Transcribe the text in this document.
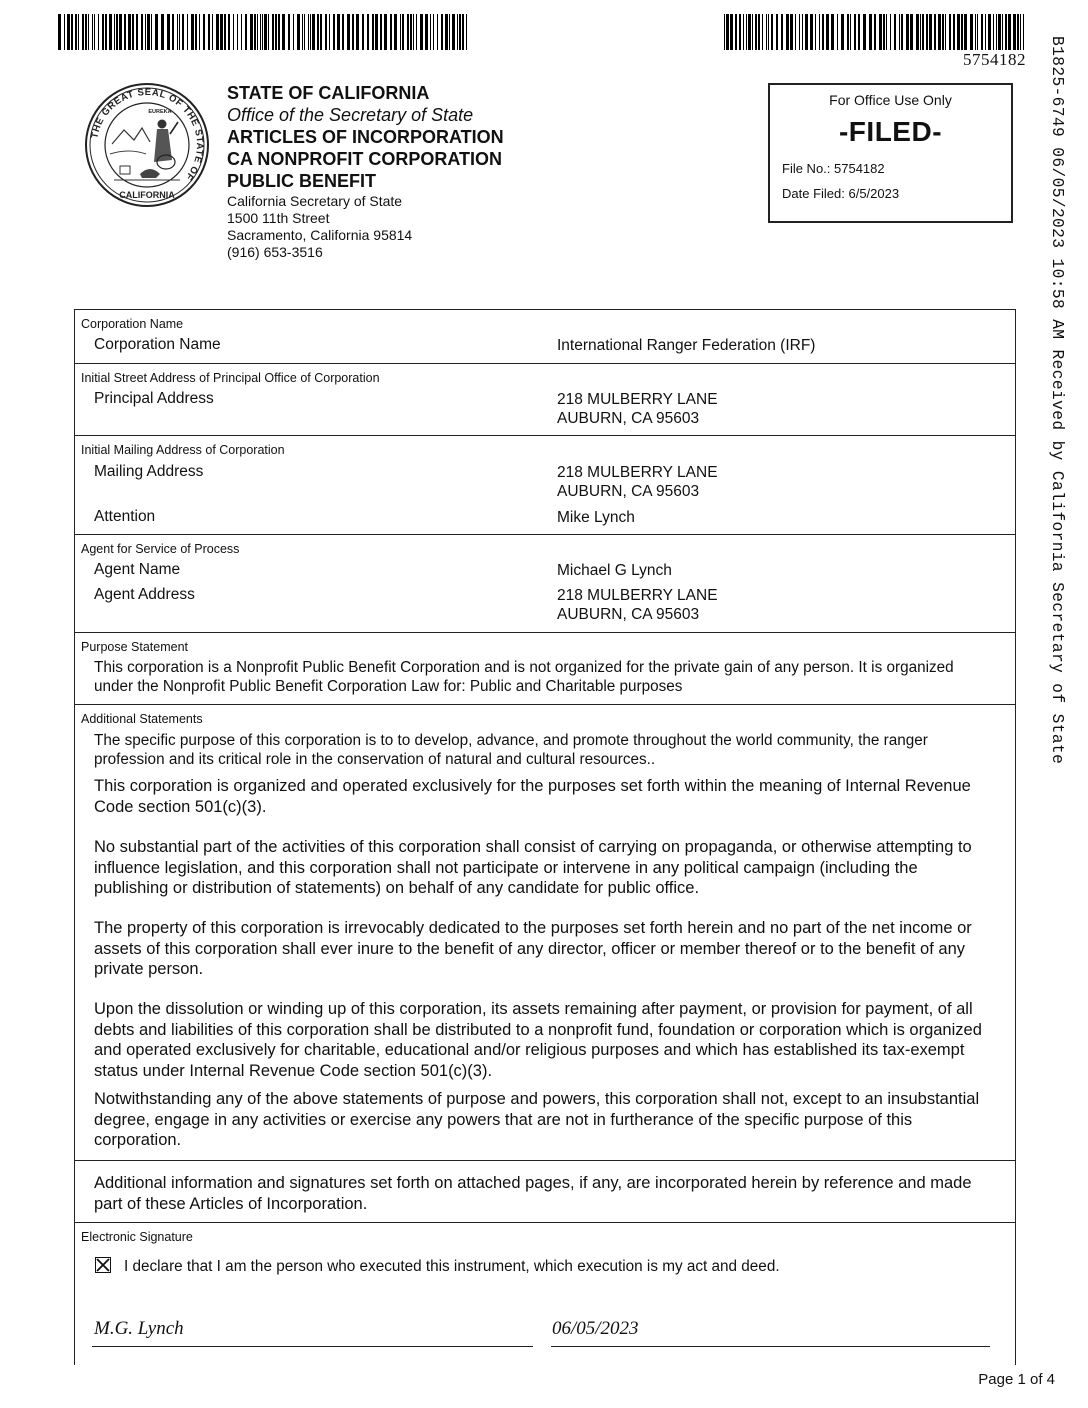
5754182
THE GREAT SEAL OF THE STATE OF
CALIFORNIA
EUREKA
STATE OF CALIFORNIA
Office of the Secretary of State
ARTICLES OF INCORPORATION
CA NONPROFIT CORPORATION
PUBLIC BENEFIT
California Secretary of State
1500 11th Street
Sacramento, California 95814
(916) 653-3516
For Office Use Only
-FILED-
File No.: 5754182
Date Filed: 6/5/2023	B1825-6749 06/05/2023 10:58 AM Received by California Secretary of State
Corporation Name
Corporation Name	International Ranger Federation (IRF)
Initial Street Address of Principal Office of Corporation
Principal Address	218 MULBERRY LANE
AUBURN, CA 95603
Initial Mailing Address of Corporation
Mailing Address	218 MULBERRY LANE
AUBURN, CA 95603
Attention	Mike Lynch
Agent for Service of Process
Agent Name	Michael G Lynch
Agent Address	218 MULBERRY LANE
AUBURN, CA 95603
Purpose Statement
This corporation is a Nonprofit Public Benefit Corporation and is not organized for the private gain of any person. It is organized under the Nonprofit Public Benefit Corporation Law for: Public and Charitable purposes
Additional Statements
The specific purpose of this corporation is to to develop, advance, and promote throughout the world community, the ranger profession and its critical role in the conservation of natural and cultural resources..
This corporation is organized and operated exclusively for the purposes set forth within the meaning of Internal Revenue Code section 501(c)(3).
No substantial part of the activities of this corporation shall consist of carrying on propaganda, or otherwise attempting to influence legislation, and this corporation shall not participate or intervene in any political campaign (including the publishing or distribution of statements) on behalf of any candidate for public office.
The property of this corporation is irrevocably dedicated to the purposes set forth herein and no part of the net income or assets of this corporation shall ever inure to the benefit of any director, officer or member thereof or to the benefit of any private person.
Upon the dissolution or winding up of this corporation, its assets remaining after payment, or provision for payment, of all debts and liabilities of this corporation shall be distributed to a nonprofit fund, foundation or corporation which is organized and operated exclusively for charitable, educational and/or religious purposes and which has established its tax-exempt status under Internal Revenue Code section 501(c)(3).
Notwithstanding any of the above statements of purpose and powers, this corporation shall not, except to an insubstantial degree, engage in any activities or exercise any powers that are not in furtherance of the specific purpose of this corporation.
Additional information and signatures set forth on attached pages, if any, are incorporated herein by reference and made part of these Articles of Incorporation.
Electronic Signature
I declare that I am the person who executed this instrument, which execution is my act and deed.
M.G. Lynch	06/05/2023
Page 1 of 4
